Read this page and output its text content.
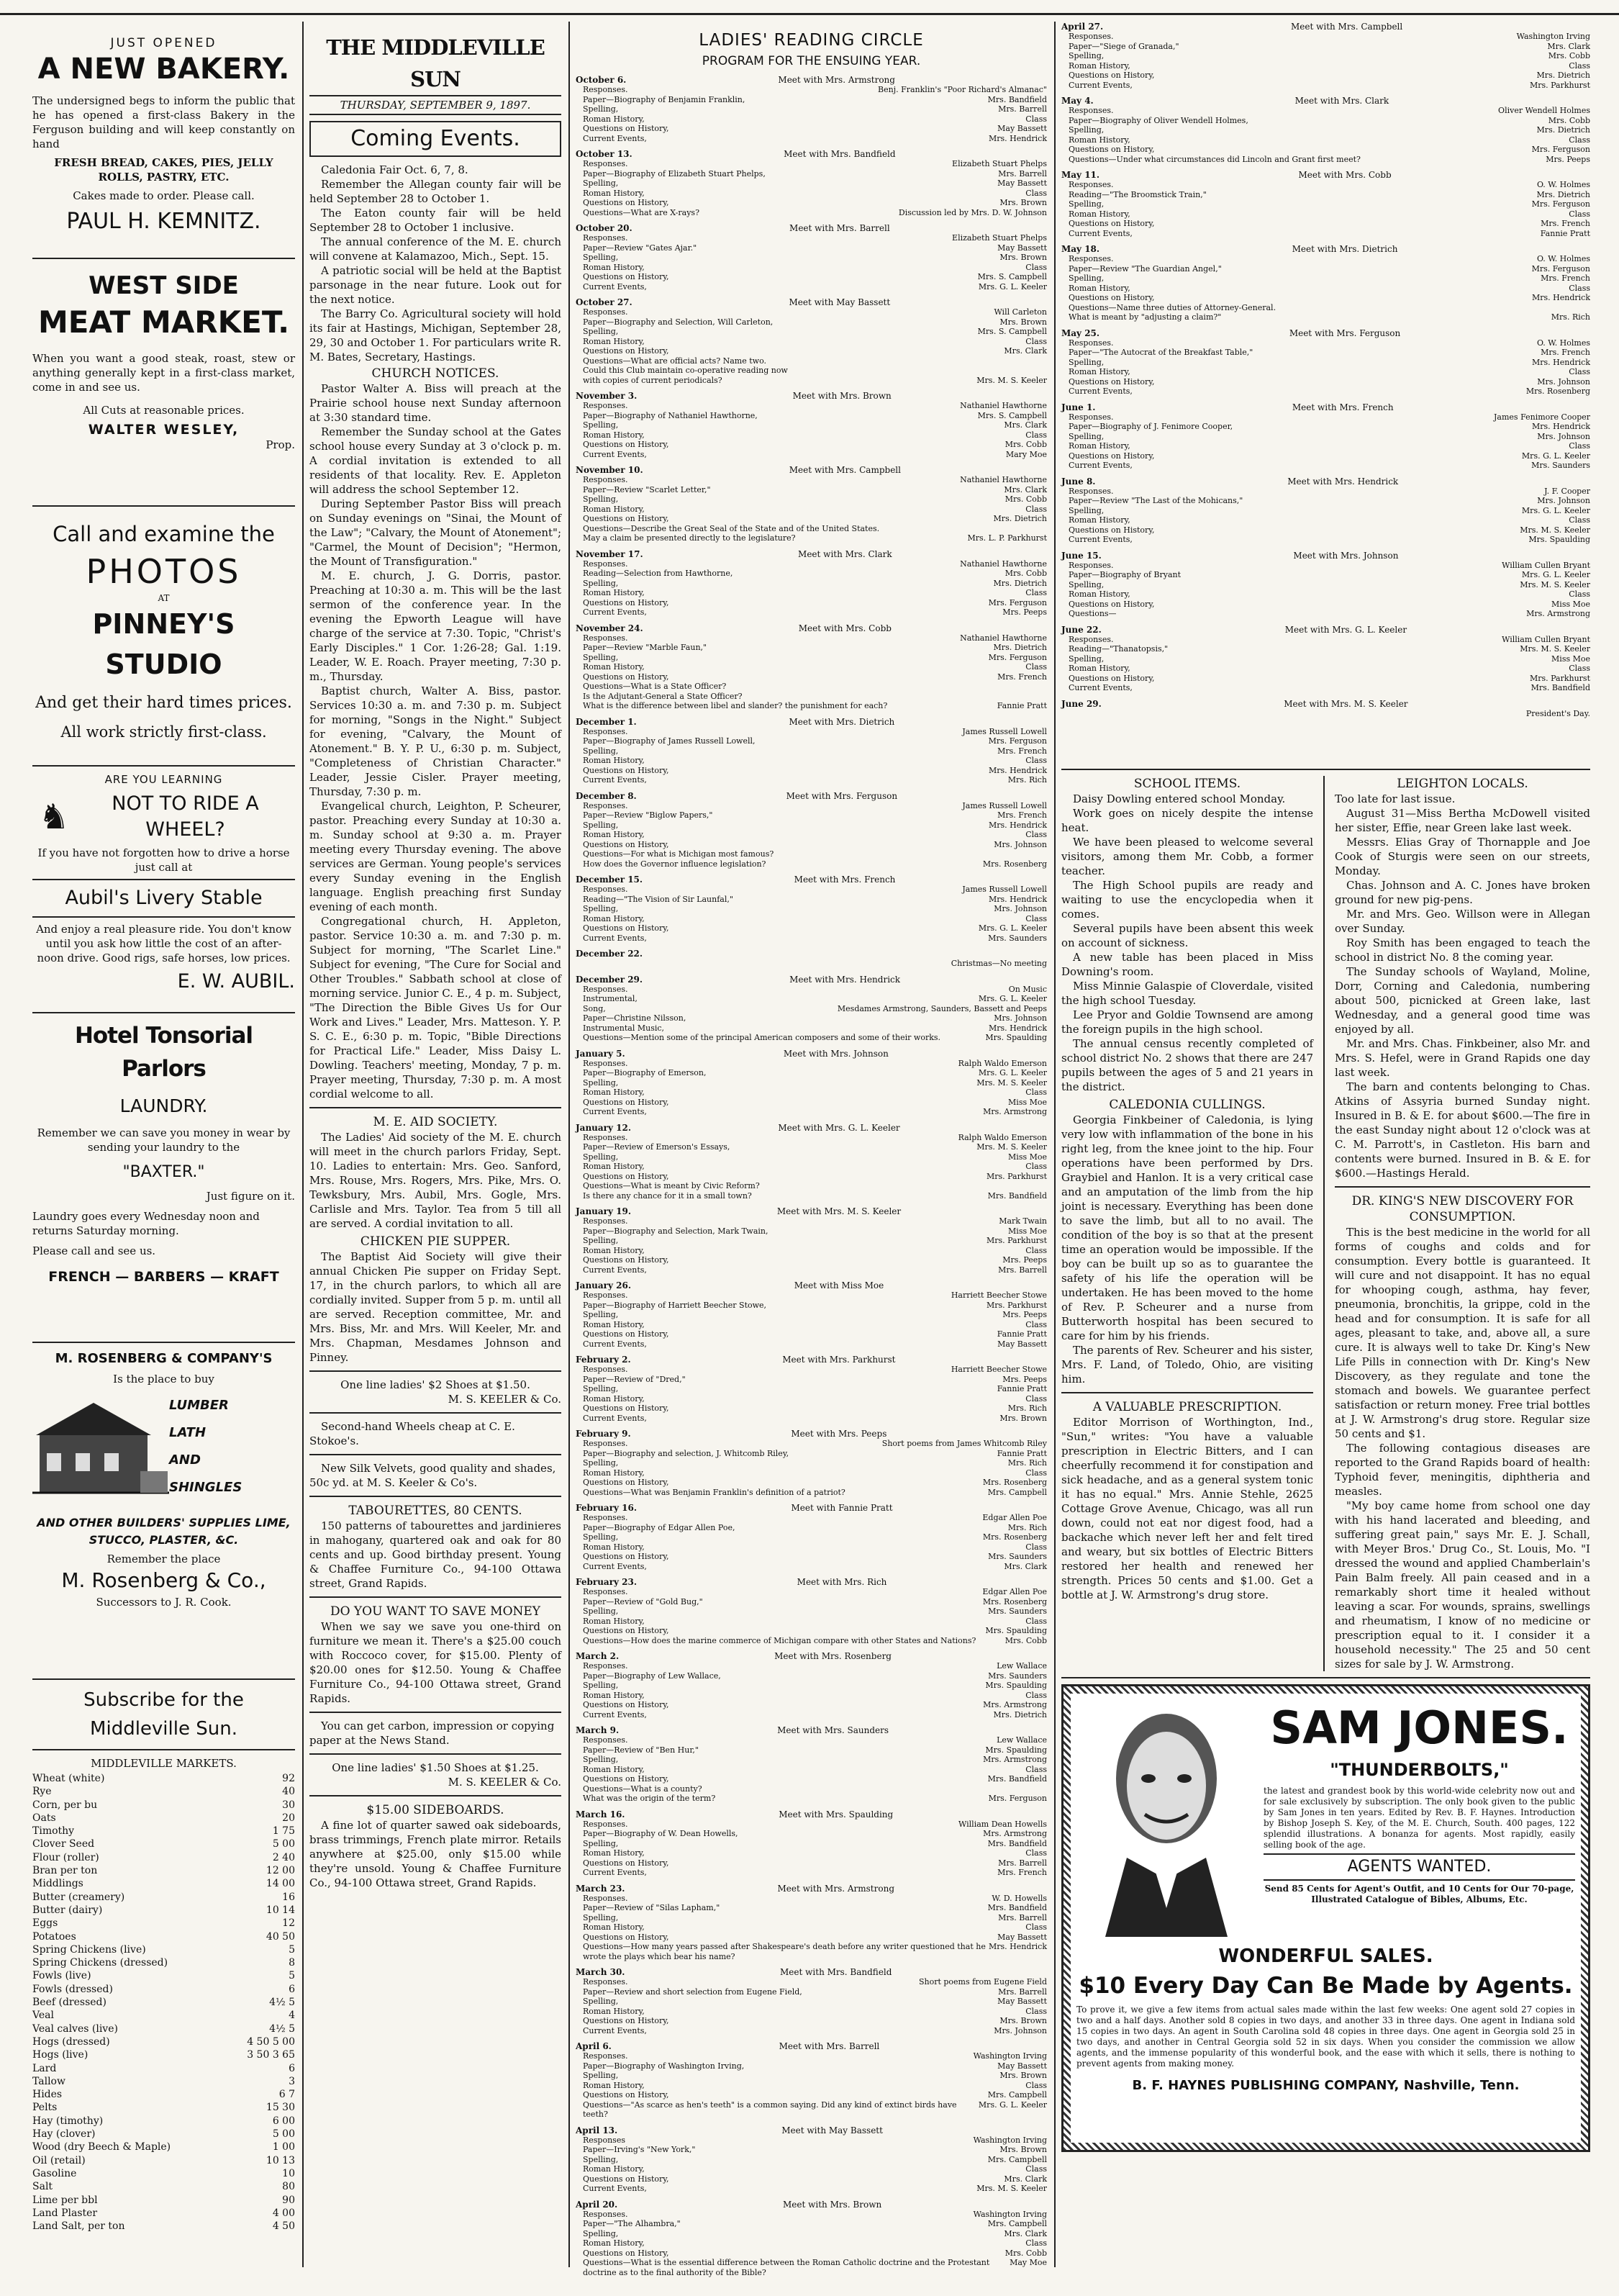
JUST OPENED

A NEW BAKERY.

The undersigned begs to inform the public that he has opened a first-class Bakery in the Ferguson building and will keep constantly on hand

FRESH BREAD, CAKES, PIES, JELLY ROLLS, PASTRY, ETC.

Cakes made to order. Please call.

PAUL H. KEMNITZ.

WEST SIDE

MEAT MARKET.

When you want a good steak, roast, stew or anything generally kept in a first-class market, come in and see us.

All Cuts at reasonable prices.

WALTER WESLEY,

Prop.

Call and examine the

PHOTOS

AT

PINNEY'S STUDIO

And get their hard times prices.

All work strictly first-class.

ARE YOU LEARNING

♞	NOT TO RIDE A WHEEL?

If you have not forgotten how to drive a horse just call at

Aubil's Livery Stable

And enjoy a real pleasure ride. You don't know until you ask how little the cost of an after-noon drive. Good rigs, safe horses, low prices.

E. W. AUBIL.

Hotel Tonsorial Parlors

LAUNDRY.

Remember we can save you money in wear by sending your laundry to the

"BAXTER."

Just figure on it.

Laundry goes every Wednesday noon and returns Saturday morning.

Please call and see us.

FRENCH — BARBERS — KRAFT

M. ROSENBERG & COMPANY'S

Is the place to buy

LUMBER

LATH

AND

SHINGLES

AND OTHER BUILDERS' SUPPLIES LIME, STUCCO, PLASTER, &C.

Remember the place

M. Rosenberg & Co.,

Successors to J. R. Cook.

Subscribe for the Middleville Sun.

MIDDLEVILLE MARKETS.

Wheat (white)	92
Rye	40
Corn, per bu	30
Oats	20
Timothy	1 75
Clover Seed	5 00
Flour (roller)	2 40
Bran per ton	12 00
Middlings	14 00
Butter (creamery)	16
Butter (dairy)	10 14
Eggs	12
Potatoes	40 50
Spring Chickens (live)	5
Spring Chickens (dressed)	8
Fowls (live)	5
Fowls (dressed)	6
Beef (dressed)	4½ 5
Veal	4
Veal calves (live)	4½ 5
Hogs (dressed)	4 50 5 00
Hogs (live)	3 50 3 65
Lard	6
Tallow	3
Hides	6 7
Pelts	15 30
Hay (timothy)	6 00
Hay (clover)	5 00
Wood (dry Beech & Maple)	1 00
Oil (retail)	10 13
Gasoline	10
Salt	80
Lime per bbl	90
Land Plaster	4 00
Land Salt, per ton	4 50

THE MIDDLEVILLE SUN

THURSDAY, SEPTEMBER 9, 1897.

Coming Events.

Caledonia Fair Oct. 6, 7, 8.

Remember the Allegan county fair will be held September 28 to October 1.

The Eaton county fair will be held September 28 to October 1 inclusive.

The annual conference of the M. E. church will convene at Kalamazoo, Mich., Sept. 15.

A patriotic social will be held at the Baptist parsonage in the near future. Look out for the next notice.

The Barry Co. Agricultural society will hold its fair at Hastings, Michigan, September 28, 29, 30 and October 1. For particulars write R. M. Bates, Secretary, Hastings.

CHURCH NOTICES.

Pastor Walter A. Biss will preach at the Prairie school house next Sunday afternoon at 3:30 standard time.

Remember the Sunday school at the Gates school house every Sunday at 3 o'clock p. m. A cordial invitation is extended to all residents of that locality. Rev. E. Appleton will address the school September 12.

During September Pastor Biss will preach on Sunday evenings on "Sinai, the Mount of the Law"; "Calvary, the Mount of Atonement"; "Carmel, the Mount of Decision"; "Hermon, the Mount of Transfiguration."

M. E. church, J. G. Dorris, pastor. Preaching at 10:30 a. m. This will be the last sermon of the conference year. In the evening the Epworth League will have charge of the service at 7:30. Topic, "Christ's Early Disciples." 1 Cor. 1:26-28; Gal. 1:19. Leader, W. E. Roach. Prayer meeting, 7:30 p. m., Thursday.

Baptist church, Walter A. Biss, pastor. Services 10:30 a. m. and 7:30 p. m. Subject for morning, "Songs in the Night." Subject for evening, "Calvary, the Mount of Atonement." B. Y. P. U., 6:30 p. m. Subject, "Completeness of Christian Character." Leader, Jessie Cisler. Prayer meeting, Thursday, 7:30 p. m.

Evangelical church, Leighton, P. Scheurer, pastor. Preaching every Sunday at 10:30 a. m. Sunday school at 9:30 a. m. Prayer meeting every Thursday evening. The above services are German. Young people's services every Sunday evening in the English language. English preaching first Sunday evening of each month.

Congregational church, H. Appleton, pastor. Service 10:30 a. m. and 7:30 p. m. Subject for morning, "The Scarlet Line." Subject for evening, "The Cure for Social and Other Troubles." Sabbath school at close of morning service. Junior C. E., 4 p. m. Subject, "The Direction the Bible Gives Us for Our Work and Lives." Leader, Mrs. Matteson. Y. P. S. C. E., 6:30 p. m. Topic, "Bible Directions for Practical Life." Leader, Miss Daisy L. Dowling. Teachers' meeting, Monday, 7 p. m. Prayer meeting, Thursday, 7:30 p. m. A most cordial welcome to all.

M. E. AID SOCIETY.

The Ladies' Aid society of the M. E. church will meet in the church parlors Friday, Sept. 10. Ladies to entertain: Mrs. Geo. Sanford, Mrs. Rouse, Mrs. Rogers, Mrs. Pike, Mrs. O. Tewksbury, Mrs. Aubil, Mrs. Gogle, Mrs. Carlisle and Mrs. Taylor. Tea from 5 till all are served. A cordial invitation to all.

CHICKEN PIE SUPPER.

The Baptist Aid Society will give their annual Chicken Pie supper on Friday Sept. 17, in the church parlors, to which all are cordially invited. Supper from 5 p. m. until all are served. Reception committee, Mr. and Mrs. Biss, Mr. and Mrs. Will Keeler, Mr. and Mrs. Chapman, Mesdames Johnson and Pinney.

One line ladies' $2 Shoes at $1.50.

M. S. KEELER & Co.

Second-hand Wheels cheap at C. E. Stokoe's.

New Silk Velvets, good quality and shades, 50c yd. at M. S. Keeler & Co's.

TABOURETTES, 80 CENTS.

150 patterns of tabourettes and jardinieres in mahogany, quartered oak and oak for 80 cents and up. Good birthday present. Young & Chaffee Furniture Co., 94-100 Ottawa street, Grand Rapids.

DO YOU WANT TO SAVE MONEY

When we say we save you one-third on furniture we mean it. There's a $25.00 couch with Roccoco cover, for $15.00. Plenty of $20.00 ones for $12.50. Young & Chaffee Furniture Co., 94-100 Ottawa street, Grand Rapids.

You can get carbon, impression or copying paper at the News Stand.

One line ladies' $1.50 Shoes at $1.25.

M. S. KEELER & Co.

$15.00 SIDEBOARDS.

A fine lot of quarter sawed oak sideboards, brass trimmings, French plate mirror. Retails anywhere at $25.00, only $15.00 while they're unsold. Young & Chaffee Furniture Co., 94-100 Ottawa street, Grand Rapids.

LADIES' READING CIRCLE

PROGRAM FOR THE ENSUING YEAR.

October 6.	Meet with Mrs. Armstrong
Responses.	Benj. Franklin's "Poor Richard's Almanac"
Paper—Biography of Benjamin Franklin,	Mrs. Bandfield
Spelling,	Mrs. Barrell
Roman History,	Class
Questions on History,	May Bassett
Current Events,	Mrs. Hendrick
October 13.	Meet with Mrs. Bandfield
Responses.	Elizabeth Stuart Phelps
Paper—Biography of Elizabeth Stuart Phelps,	Mrs. Barrell
Spelling,	May Bassett
Roman History,	Class
Questions on History,	Mrs. Brown
Questions—What are X-rays?	Discussion led by Mrs. D. W. Johnson
October 20.	Meet with Mrs. Barrell
Responses.	Elizabeth Stuart Phelps
Paper—Review "Gates Ajar."	May Bassett
Spelling,	Mrs. Brown
Roman History,	Class
Questions on History,	Mrs. S. Campbell
Current Events,	Mrs. G. L. Keeler
October 27.	Meet with May Bassett
Responses.	Will Carleton
Paper—Biography and Selection, Will Carleton,	Mrs. Brown
Spelling,	Mrs. S. Campbell
Roman History,	Class
Questions on History,	Mrs. Clark
Questions—What are official acts? Name two.
Could this Club maintain co-operative reading now
with copies of current periodicals?	Mrs. M. S. Keeler
November 3.	Meet with Mrs. Brown
Responses.	Nathaniel Hawthorne
Paper—Biography of Nathaniel Hawthorne,	Mrs. S. Campbell
Spelling,	Mrs. Clark
Roman History,	Class
Questions on History,	Mrs. Cobb
Current Events,	Mary Moe
November 10.	Meet with Mrs. Campbell
Responses.	Nathaniel Hawthorne
Paper—Review "Scarlet Letter,"	Mrs. Clark
Spelling,	Mrs. Cobb
Roman History,	Class
Questions on History,	Mrs. Dietrich
Questions—Describe the Great Seal of the State and of the United States.
May a claim be presented directly to the legislature?	Mrs. L. P. Parkhurst
November 17.	Meet with Mrs. Clark
Responses.	Nathaniel Hawthorne
Reading—Selection from Hawthorne,	Mrs. Cobb
Spelling,	Mrs. Dietrich
Roman History,	Class
Questions on History,	Mrs. Ferguson
Current Events,	Mrs. Peeps
November 24.	Meet with Mrs. Cobb
Responses.	Nathaniel Hawthorne
Paper—Review "Marble Faun,"	Mrs. Dietrich
Spelling,	Mrs. Ferguson
Roman History,	Class
Questions on History,	Mrs. French
Questions—What is a State Officer?
Is the Adjutant-General a State Officer?
What is the difference between libel and slander? the punishment for each?	Fannie Pratt
December 1.	Meet with Mrs. Dietrich
Responses.	James Russell Lowell
Paper—Biography of James Russell Lowell,	Mrs. Ferguson
Spelling,	Mrs. French
Roman History,	Class
Questions on History,	Mrs. Hendrick
Current Events,	Mrs. Rich
December 8.	Meet with Mrs. Ferguson
Responses.	James Russell Lowell
Paper—Review "Biglow Papers,"	Mrs. French
Spelling,	Mrs. Hendrick
Roman History,	Class
Questions on History,	Mrs. Johnson
Questions—For what is Michigan most famous?
How does the Governor influence legislation?	Mrs. Rosenberg
December 15.	Meet with Mrs. French
Responses.	James Russell Lowell
Reading—"The Vision of Sir Launfal,"	Mrs. Hendrick
Spelling,	Mrs. Johnson
Roman History,	Class
Questions on History,	Mrs. G. L. Keeler
Current Events,	Mrs. Saunders
December 22.
Christmas—No meeting
December 29.	Meet with Mrs. Hendrick
Responses.	On Music
Instrumental,	Mrs. G. L. Keeler
Song,	Mesdames Armstrong, Saunders, Bassett and Peeps
Paper—Christine Nilsson,	Mrs. Johnson
Instrumental Music,	Mrs. Hendrick
Questions—Mention some of the principal American composers and some of their works.	Mrs. Spaulding
January 5.	Meet with Mrs. Johnson
Responses.	Ralph Waldo Emerson
Paper—Biography of Emerson,	Mrs. G. L. Keeler
Spelling,	Mrs. M. S. Keeler
Roman History,	Class
Questions on History,	Miss Moe
Current Events,	Mrs. Armstrong
January 12.	Meet with Mrs. G. L. Keeler
Responses.	Ralph Waldo Emerson
Paper—Review of Emerson's Essays,	Mrs. M. S. Keeler
Spelling,	Miss Moe
Roman History,	Class
Questions on History,	Mrs. Parkhurst
Questions—What is meant by Civic Reform?
Is there any chance for it in a small town?	Mrs. Bandfield
January 19.	Meet with Mrs. M. S. Keeler
Responses.	Mark Twain
Paper—Biography and Selection, Mark Twain,	Miss Moe
Spelling,	Mrs. Parkhurst
Roman History,	Class
Questions on History,	Mrs. Peeps
Current Events,	Mrs. Barrell
January 26.	Meet with Miss Moe
Responses.	Harriett Beecher Stowe
Paper—Biography of Harriett Beecher Stowe,	Mrs. Parkhurst
Spelling,	Mrs. Peeps
Roman History,	Class
Questions on History,	Fannie Pratt
Current Events,	May Bassett
February 2.	Meet with Mrs. Parkhurst
Responses.	Harriett Beecher Stowe
Paper—Review of "Dred,"	Mrs. Peeps
Spelling,	Fannie Pratt
Roman History,	Class
Questions on History,	Mrs. Rich
Current Events,	Mrs. Brown
February 9.	Meet with Mrs. Peeps
Responses.	Short poems from James Whitcomb Riley
Paper—Biography and selection, J. Whitcomb Riley,	Fannie Pratt
Spelling,	Mrs. Rich
Roman History,	Class
Questions on History,	Mrs. Rosenberg
Questions—What was Benjamin Franklin's definition of a patriot?	Mrs. Campbell
February 16.	Meet with Fannie Pratt
Responses.	Edgar Allen Poe
Paper—Biography of Edgar Allen Poe,	Mrs. Rich
Spelling,	Mrs. Rosenberg
Roman History,	Class
Questions on History,	Mrs. Saunders
Current Events,	Mrs. Clark
February 23.	Meet with Mrs. Rich
Responses.	Edgar Allen Poe
Paper—Review of "Gold Bug,"	Mrs. Rosenberg
Spelling,	Mrs. Saunders
Roman History,	Class
Questions on History,	Mrs. Spaulding
Questions—How does the marine commerce of Michigan compare with other States and Nations?	Mrs. Cobb
March 2.	Meet with Mrs. Rosenberg
Responses.	Lew Wallace
Paper—Biography of Lew Wallace,	Mrs. Saunders
Spelling,	Mrs. Spaulding
Roman History,	Class
Questions on History,	Mrs. Armstrong
Current Events,	Mrs. Dietrich
March 9.	Meet with Mrs. Saunders
Responses.	Lew Wallace
Paper—Review of "Ben Hur,"	Mrs. Spaulding
Spelling,	Mrs. Armstrong
Roman History,	Class
Questions on History,	Mrs. Bandfield
Questions—What is a county?
What was the origin of the term?	Mrs. Ferguson
March 16.	Meet with Mrs. Spaulding
Responses.	William Dean Howells
Paper—Biography of W. Dean Howells,	Mrs. Armstrong
Spelling,	Mrs. Bandfield
Roman History,	Class
Questions on History,	Mrs. Barrell
Current Events,	Mrs. French
March 23.	Meet with Mrs. Armstrong
Responses.	W. D. Howells
Paper—Review of "Silas Lapham,"	Mrs. Bandfield
Spelling,	Mrs. Barrell
Roman History,	Class
Questions on History,	May Bassett
Questions—How many years passed after Shakespeare's death before any writer questioned that he wrote the plays which bear his name?
Mrs. Hendrick
March 30.	Meet with Mrs. Bandfield
Responses.	Short poems from Eugene Field
Paper—Review and short selection from Eugene Field,	Mrs. Barrell
Spelling,	May Bassett
Roman History,	Class
Questions on History,	Mrs. Brown
Current Events,	Mrs. Johnson
April 6.	Meet with Mrs. Barrell
Responses.	Washington Irving
Paper—Biography of Washington Irving,	May Bassett
Spelling,	Mrs. Brown
Roman History,	Class
Questions on History,	Mrs. Campbell
Questions—"As scarce as hen's teeth" is a common saying. Did any kind of extinct birds have teeth?
Mrs. G. L. Keeler
April 13.	Meet with May Bassett
Responses	Washington Irving
Paper—Irving's "New York,"	Mrs. Brown
Spelling,	Mrs. Campbell
Roman History,	Class
Questions on History,	Mrs. Clark
Current Events,	Mrs. M. S. Keeler
April 20.	Meet with Mrs. Brown
Responses.	Washington Irving
Paper—"The Alhambra,"	Mrs. Campbell
Spelling,	Mrs. Clark
Roman History,	Class
Questions on History,	Mrs. Cobb
Questions—What is the essential difference between the Roman Catholic doctrine and the Protestant doctrine as to the final authority of the Bible?
May Moe
April 27.	Meet with Mrs. Campbell
Responses.	Washington Irving
Paper—"Siege of Granada,"	Mrs. Clark
Spelling,	Mrs. Cobb
Roman History,	Class
Questions on History,	Mrs. Dietrich
Current Events,	Mrs. Parkhurst
May 4.	Meet with Mrs. Clark
Responses.	Oliver Wendell Holmes
Paper—Biography of Oliver Wendell Holmes,	Mrs. Cobb
Spelling,	Mrs. Dietrich
Roman History,	Class
Questions on History,	Mrs. Ferguson
Questions—Under what circumstances did Lincoln and Grant first meet?	Mrs. Peeps
May 11.	Meet with Mrs. Cobb
Responses.	O. W. Holmes
Reading—"The Broomstick Train,"	Mrs. Dietrich
Spelling,	Mrs. Ferguson
Roman History,	Class
Questions on History,	Mrs. French
Current Events,	Fannie Pratt
May 18.	Meet with Mrs. Dietrich
Responses.	O. W. Holmes
Paper—Review "The Guardian Angel,"	Mrs. Ferguson
Spelling,	Mrs. French
Roman History,	Class
Questions on History,	Mrs. Hendrick
Questions—Name three duties of Attorney-General.
What is meant by "adjusting a claim?"	Mrs. Rich
May 25.	Meet with Mrs. Ferguson
Responses.	O. W. Holmes
Paper—"The Autocrat of the Breakfast Table,"	Mrs. French
Spelling,	Mrs. Hendrick
Roman History,	Class
Questions on History,	Mrs. Johnson
Current Events,	Mrs. Rosenberg
June 1.	Meet with Mrs. French
Responses.	James Fenimore Cooper
Paper—Biography of J. Fenimore Cooper,	Mrs. Hendrick
Spelling,	Mrs. Johnson
Roman History,	Class
Questions on History,	Mrs. G. L. Keeler
Current Events,	Mrs. Saunders
June 8.	Meet with Mrs. Hendrick
Responses.	J. F. Cooper
Paper—Review "The Last of the Mohicans,"	Mrs. Johnson
Spelling,	Mrs. G. L. Keeler
Roman History,	Class
Questions on History,	Mrs. M. S. Keeler
Current Events,	Mrs. Spaulding
June 15.	Meet with Mrs. Johnson
Responses.	William Cullen Bryant
Paper—Biography of Bryant	Mrs. G. L. Keeler
Spelling,	Mrs. M. S. Keeler
Roman History,	Class
Questions on History,	Miss Moe
Questions—	Mrs. Armstrong
June 22.	Meet with Mrs. G. L. Keeler
Responses.	William Cullen Bryant
Reading—"Thanatopsis,"	Mrs. M. S. Keeler
Spelling,	Miss Moe
Roman History,	Class
Questions on History,	Mrs. Parkhurst
Current Events,	Mrs. Bandfield
June 29.	Meet with Mrs. M. S. Keeler
President's Day.

SCHOOL ITEMS.

Daisy Dowling entered school Monday.

Work goes on nicely despite the intense heat.

We have been pleased to welcome several visitors, among them Mr. Cobb, a former teacher.

The High School pupils are ready and waiting to use the encyclopedia when it comes.

Several pupils have been absent this week on account of sickness.

A new table has been placed in Miss Downing's room.

Miss Minnie Galaspie of Cloverdale, visited the high school Tuesday.

Lee Pryor and Goldie Townsend are among the foreign pupils in the high school.

The annual census recently completed of school district No. 2 shows that there are 247 pupils between the ages of 5 and 21 years in the district.

CALEDONIA CULLINGS.

Georgia Finkbeiner of Caledonia, is lying very low with inflammation of the bone in his right leg, from the knee joint to the hip. Four operations have been performed by Drs. Graybiel and Hanlon. It is a very critical case and an amputation of the limb from the hip joint is necessary. Everything has been done to save the limb, but all to no avail. The condition of the boy is so that at the present time an operation would be impossible. If the boy can be built up so as to guarantee the safety of his life the operation will be undertaken. He has been moved to the home of Rev. P. Scheurer and a nurse from Butterworth hospital has been secured to care for him by his friends.

The parents of Rev. Scheurer and his sister, Mrs. F. Land, of Toledo, Ohio, are visiting him.

A VALUABLE PRESCRIPTION.

Editor Morrison of Worthington, Ind., "Sun," writes: "You have a valuable prescription in Electric Bitters, and I can cheerfully recommend it for constipation and sick headache, and as a general system tonic it has no equal." Mrs. Annie Stehle, 2625 Cottage Grove Avenue, Chicago, was all run down, could not eat nor digest food, had a backache which never left her and felt tired and weary, but six bottles of Electric Bitters restored her health and renewed her strength. Prices 50 cents and $1.00. Get a bottle at J. W. Armstrong's drug store.

LEIGHTON LOCALS.

Too late for last issue.

August 31—Miss Bertha McDowell visited her sister, Effie, near Green lake last week.

Messrs. Elias Gray of Thornapple and Joe Cook of Sturgis were seen on our streets, Monday.

Chas. Johnson and A. C. Jones have broken ground for new pig-pens.

Mr. and Mrs. Geo. Willson were in Allegan over Sunday.

Roy Smith has been engaged to teach the school in district No. 8 the coming year.

The Sunday schools of Wayland, Moline, Dorr, Corning and Caledonia, numbering about 500, picnicked at Green lake, last Wednesday, and a general good time was enjoyed by all.

Mr. and Mrs. Chas. Finkbeiner, also Mr. and Mrs. S. Hefel, were in Grand Rapids one day last week.

The barn and contents belonging to Chas. Atkins of Assyria burned Sunday night. Insured in B. & E. for about $600.—The fire in the east Sunday night about 12 o'clock was at C. M. Parrott's, in Castleton. His barn and contents were burned. Insured in B. & E. for $600.—Hastings Herald.

DR. KING'S NEW DISCOVERY FOR CONSUMPTION.

This is the best medicine in the world for all forms of coughs and colds and for consumption. Every bottle is guaranteed. It will cure and not disappoint. It has no equal for whooping cough, asthma, hay fever, pneumonia, bronchitis, la grippe, cold in the head and for consumption. It is safe for all ages, pleasant to take, and, above all, a sure cure. It is always well to take Dr. King's New Life Pills in connection with Dr. King's New Discovery, as they regulate and tone the stomach and bowels. We guarantee perfect satisfaction or return money. Free trial bottles at J. W. Armstrong's drug store. Regular size 50 cents and $1.

The following contagious diseases are reported to the Grand Rapids board of health: Typhoid fever, meningitis, diphtheria and measles.

"My boy came home from school one day with his hand lacerated and bleeding, and suffering great pain," says Mr. E. J. Schall, with Meyer Bros.' Drug Co., St. Louis, Mo. "I dressed the wound and applied Chamberlain's Pain Balm freely. All pain ceased and in a remarkably short time it healed without leaving a scar. For wounds, sprains, swellings and rheumatism, I know of no medicine or prescription equal to it. I consider it a household necessity." The 25 and 50 cent sizes for sale by J. W. Armstrong.

SAM JONES.

"THUNDERBOLTS,"

the latest and grandest book by this world-wide celebrity now out and for sale exclusively by subscription. The only book given to the public by Sam Jones in ten years. Edited by Rev. B. F. Haynes. Introduction by Bishop Joseph S. Key, of the M. E. Church, South. 400 pages, 122 splendid illustrations. A bonanza for agents. Most rapidly, easily selling book of the age.

AGENTS WANTED.

Send 85 Cents for Agent's Outfit, and 10 Cents for Our 70-page, Illustrated Catalogue of Bibles, Albums, Etc.

WONDERFUL SALES.

$10 Every Day Can Be Made by Agents.

To prove it, we give a few items from actual sales made within the last few weeks: One agent sold 27 copies in two and a half days. Another sold 8 copies in two days, and another 33 in three days. One agent in Indiana sold 15 copies in two days. An agent in South Carolina sold 48 copies in three days. One agent in Georgia sold 25 in two days, and another in Central Georgia sold 52 in six days. When you consider the commission we allow agents, and the immense popularity of this wonderful book, and the ease with which it sells, there is nothing to prevent agents from making money.

B. F. HAYNES PUBLISHING COMPANY, Nashville, Tenn.
